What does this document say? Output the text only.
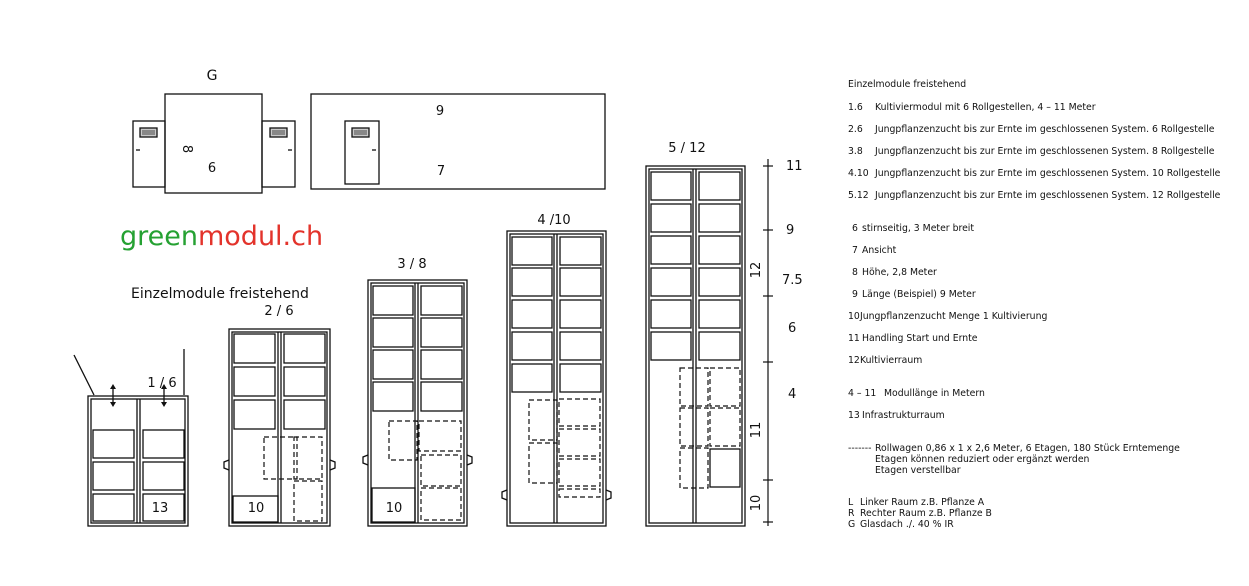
G
8
6
9
7
greenmodul.ch
Einzelmodule freistehend
1 / 6
13
2 / 6
10
3 / 8
10
4 /10
5 / 12
11
9
7.5
6
4
12
11
10
Einzelmodule freistehend
1.6 Kultiviermodul mit 6 Rollgestellen, 4 – 11 Meter
2.6 Jungpflanzenzucht bis zur Ernte im geschlossenen System. 6 Rollgestelle
3.8 Jungpflanzenzucht bis zur Ernte im geschlossenen System. 8 Rollgestelle
4.10 Jungpflanzenzucht bis zur Ernte im geschlossenen System. 10 Rollgestelle
5.12 Jungpflanzenzucht bis zur Ernte im geschlossenen System. 12 Rollgestelle
6 stirnseitig, 3 Meter breit
7 Ansicht
8 Höhe, 2,8 Meter
9 Länge (Beispiel) 9 Meter
10 Jungpflanzenzucht Menge 1 Kultivierung
11 Handling Start und Ernte
12 Kultivierraum
4 – 11 Modullänge in Metern
13 Infrastrukturraum
------- Rollwagen 0,86 x 1 x 2,6 Meter, 6 Etagen, 180 Stück Erntemenge
Etagen können reduziert oder ergänzt werden
Etagen verstellbar
L Linker Raum z.B. Pflanze A
R Rechter Raum z.B. Pflanze B
G Glasdach ./. 40 % IR
